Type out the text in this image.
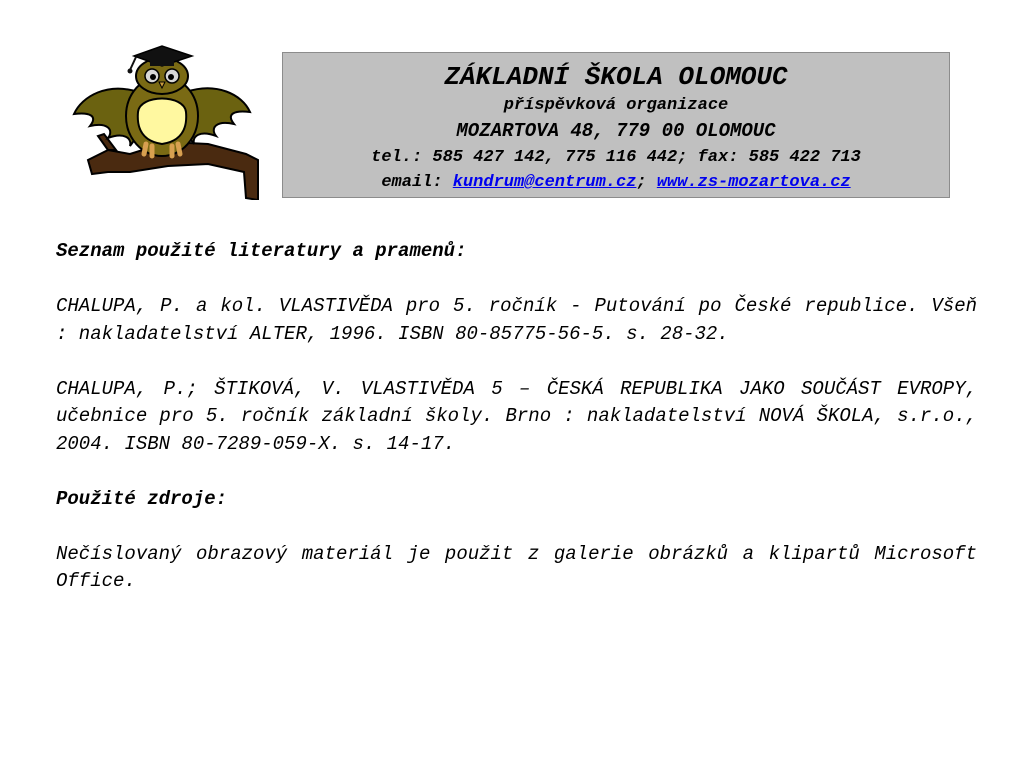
ZÁKLADNÍ ŠKOLA OLOMOUC
příspěvková organizace
MOZARTOVA 48, 779 00 OLOMOUC
tel.: 585 427 142, 775 116 442; fax: 585 422 713
email: kundrum@centrum.cz; www.zs-mozartova.cz

Seznam použité literatury a pramenů:

CHALUPA, P. a kol. VLASTIVĚDA pro 5. ročník - Putování po České republice. Všeň : nakladatelství ALTER, 1996. ISBN 80-85775-56-5. s. 28-32.

CHALUPA, P.; ŠTIKOVÁ, V. VLASTIVĚDA 5 – ČESKÁ REPUBLIKA JAKO SOUČÁST EVROPY, učebnice pro 5. ročník základní školy. Brno : nakladatelství NOVÁ ŠKOLA, s.r.o., 2004. ISBN 80-7289-059-X. s. 14-17.

Použité zdroje:

Nečíslovaný obrazový materiál je použit z galerie obrázků a klipartů Microsoft Office.
